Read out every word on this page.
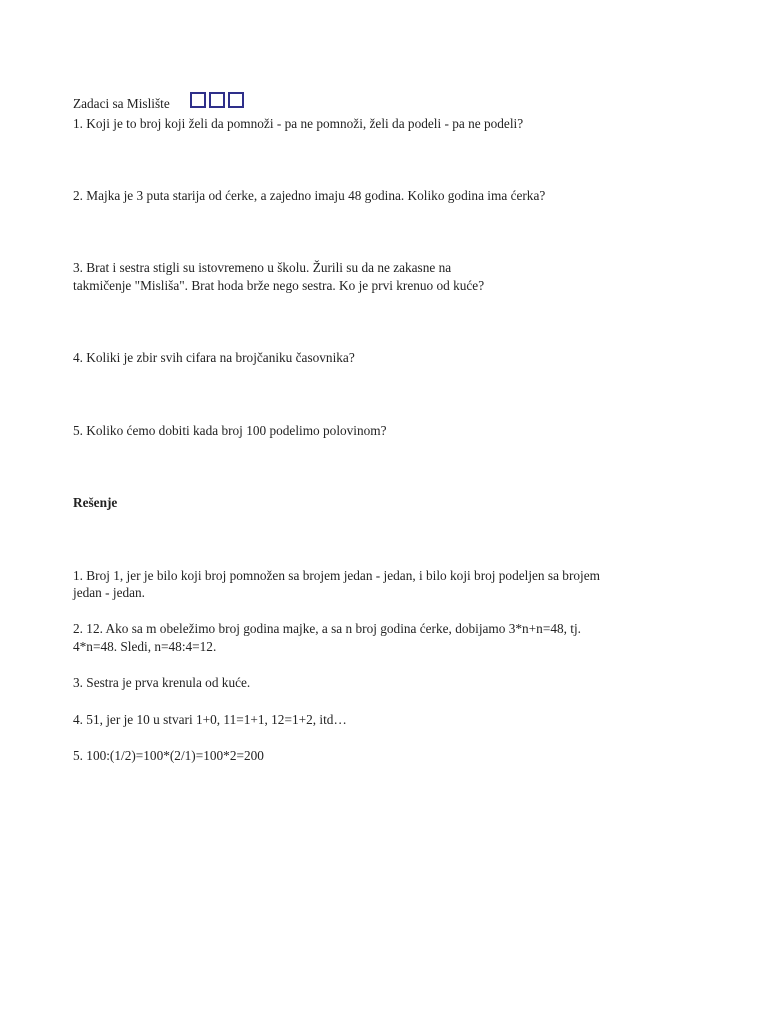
Zadaci sa Mislište
1. Koji je to broj koji želi da pomnoži - pa ne pomnoži, želi da podeli - pa ne podeli?
2. Majka je 3 puta starija od ćerke, a zajedno imaju 48 godina. Koliko godina ima ćerka?
3. Brat i sestra stigli su istovremeno u školu. Žurili su da ne zakasne na
takmičenje "Misliša". Brat hoda brže nego sestra. Ko je prvi krenuo od kuće?
4. Koliki je zbir svih cifara na brojčaniku časovnika?
5. Koliko ćemo dobiti kada broj 100 podelimo polovinom?
Rešenje
1. Broj 1, jer je bilo koji broj pomnožen sa brojem jedan - jedan, i bilo koji broj podeljen sa brojem
jedan - jedan.
2. 12. Ako sa m obeležimo broj godina majke, a sa n broj godina ćerke, dobijamo 3*n+n=48, tj.
4*n=48. Sledi, n=48:4=12.
3. Sestra je prva krenula od kuće.
4. 51, jer je 10 u stvari 1+0, 11=1+1, 12=1+2, itd…
5. 100:(1/2)=100*(2/1)=100*2=200
